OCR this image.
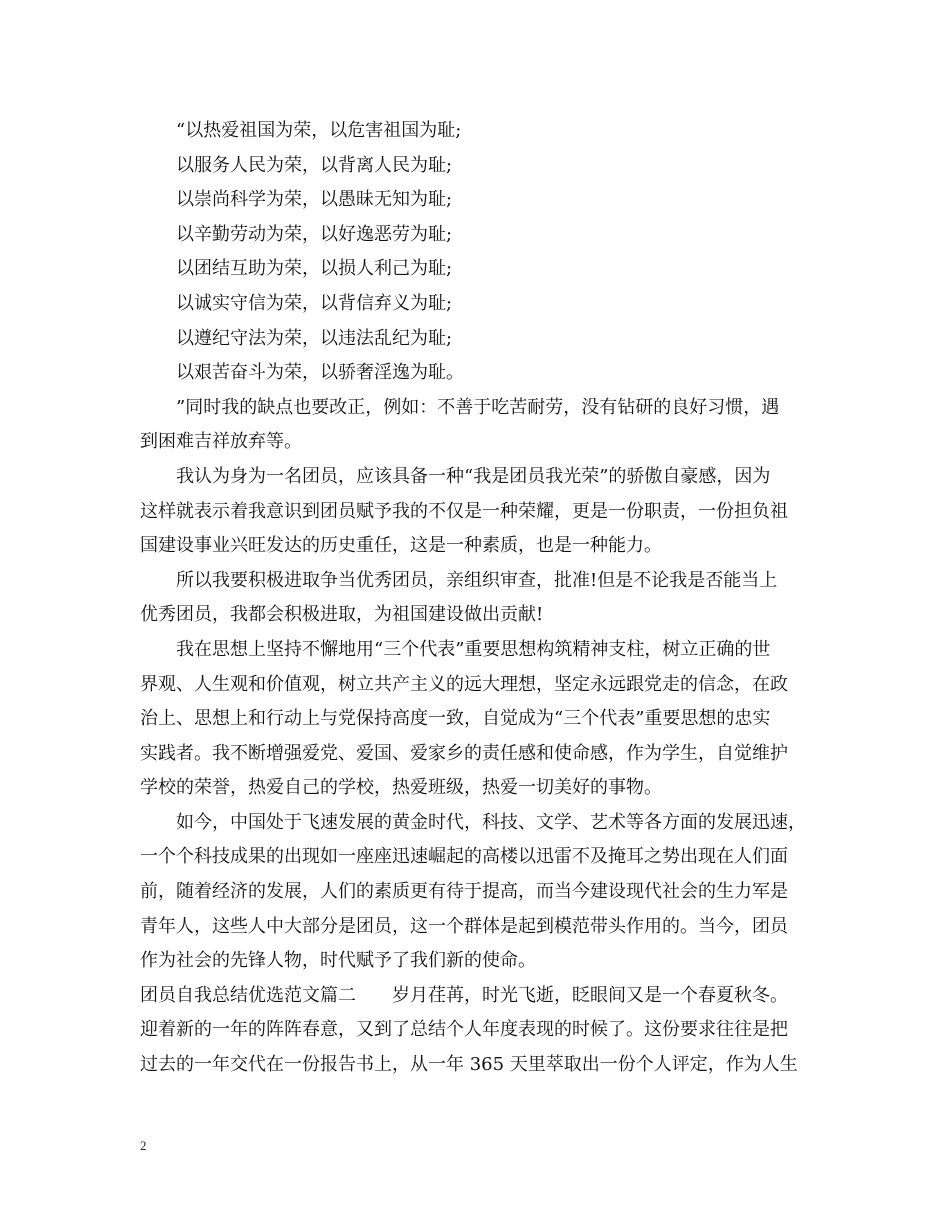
“以热爱祖国为荣，以危害祖国为耻;
以服务人民为荣，以背离人民为耻;
以崇尚科学为荣，以愚昧无知为耻;
以辛勤劳动为荣，以好逸恶劳为耻;
以团结互助为荣，以损人利己为耻;
以诚实守信为荣，以背信弃义为耻;
以遵纪守法为荣，以违法乱纪为耻;
以艰苦奋斗为荣，以骄奢淫逸为耻。
”同时我的缺点也要改正，例如：不善于吃苦耐劳，没有钻研的良好习惯，遇
到困难吉祥放弃等。
我认为身为一名团员，应该具备一种“我是团员我光荣”的骄傲自豪感，因为
这样就表示着我意识到团员赋予我的不仅是一种荣耀，更是一份职责，一份担负祖
国建设事业兴旺发达的历史重任，这是一种素质，也是一种能力。
所以我要积极进取争当优秀团员，亲组织审查，批准!但是不论我是否能当上
优秀团员，我都会积极进取，为祖国建设做出贡献!
我在思想上坚持不懈地用“三个代表”重要思想构筑精神支柱，树立正确的世
界观、人生观和价值观，树立共产主义的远大理想，坚定永远跟党走的信念，在政
治上、思想上和行动上与党保持高度一致，自觉成为“三个代表”重要思想的忠实
实践者。我不断增强爱党、爱国、爱家乡的责任感和使命感，作为学生，自觉维护
学校的荣誉，热爱自己的学校，热爱班级，热爱一切美好的事物。
如今，中国处于飞速发展的黄金时代，科技、文学、艺术等各方面的发展迅速，
一个个科技成果的出现如一座座迅速崛起的高楼以迅雷不及掩耳之势出现在人们面
前，随着经济的发展，人们的素质更有待于提高，而当今建设现代社会的生力军是
青年人，这些人中大部分是团员，这一个群体是起到模范带头作用的。当今，团员
作为社会的先锋人物，时代赋予了我们新的使命。
团员自我总结优选范文篇二　　岁月荏苒，时光飞逝，眨眼间又是一个春夏秋冬。
迎着新的一年的阵阵春意，又到了总结个人年度表现的时候了。这份要求往往是把
过去的一年交代在一份报告书上，从一年 365 天里萃取出一份个人评定，作为人生
2
